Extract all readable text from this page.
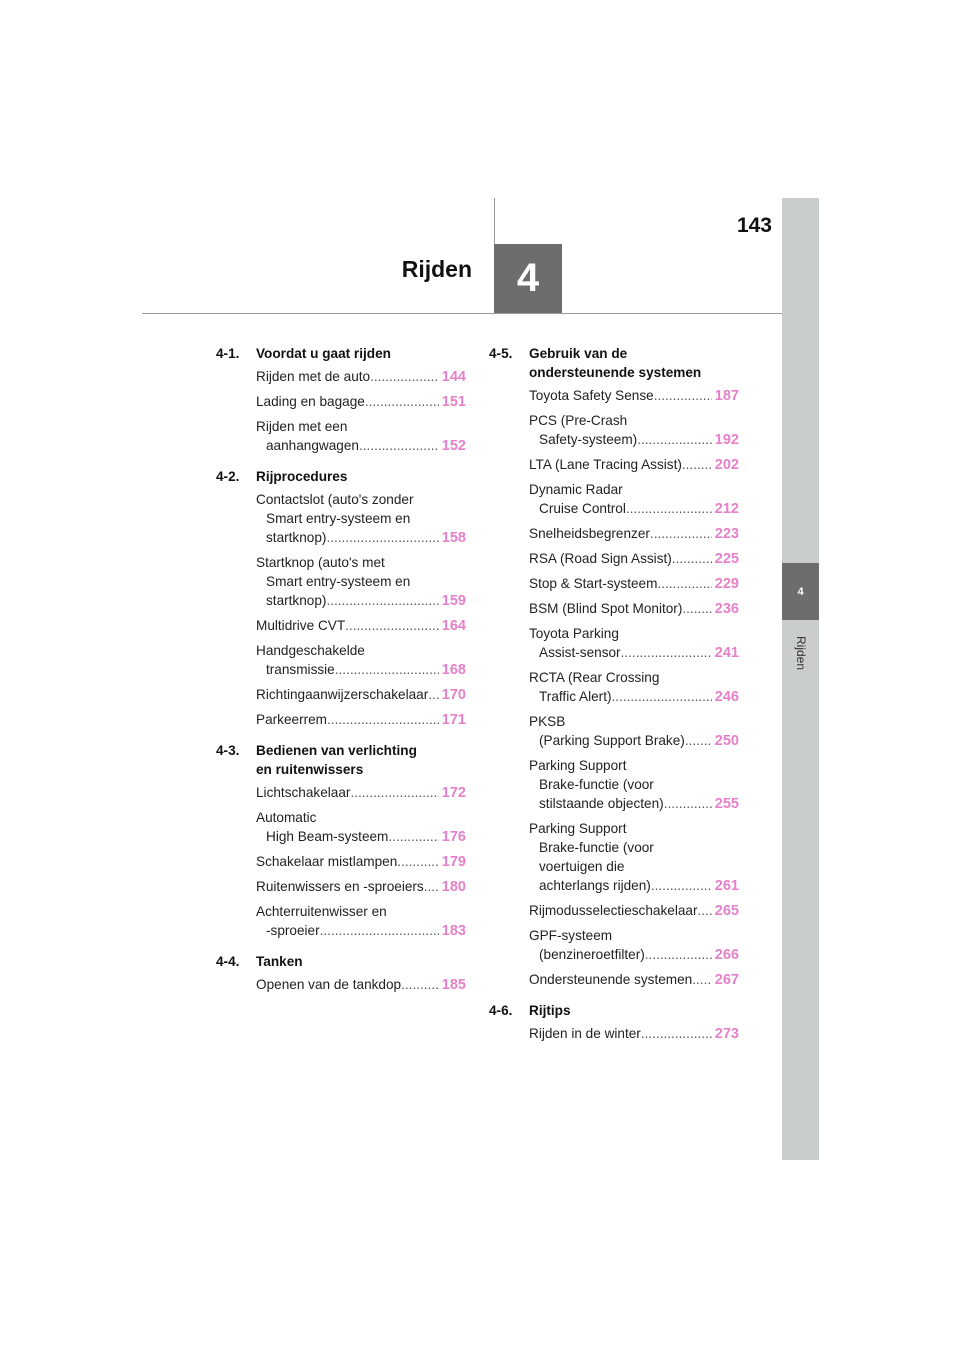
143
Rijden	4
4
Rijden
4-1. Voordat u gaat rijden
Rijden met de auto .....	144
Lading en bagage .....	151
Rijden met een
aanhangwagen .....	152
4-2. Rijprocedures
Contactslot (auto's zonder
Smart entry-systeem en
startknop) .....	158
Startknop (auto's met
Smart entry-systeem en
startknop) .....	159
Multidrive CVT .....	164
Handgeschakelde
transmissie .....	168
Richtingaanwijzerschakelaar ..... 170
Parkeerrem .....	171
4-3. Bedienen van verlichting
en ruitenwissers
Lichtschakelaar .....	172
Automatic
High Beam-systeem .....	176
Schakelaar mistlampen .....	179
Ruitenwissers en -sproeiers ..... 180
Achterruitenwisser en
-sproeier .....	183
4-4. Tanken
Openen van de tankdop .....	185
4-5. Gebruik van de
ondersteunende systemen
Toyota Safety Sense .....	187
PCS (Pre-Crash
Safety-systeem) .....	192
LTA (Lane Tracing Assist) ..... 202
Dynamic Radar
Cruise Control .....	212
Snelheidsbegrenzer .....	223
RSA (Road Sign Assist) .....	225
Stop & Start-systeem .....	229
BSM (Blind Spot Monitor) ..... 236
Toyota Parking
Assist-sensor .....	241
RCTA (Rear Crossing
Traffic Alert) .....	246
PKSB
(Parking Support Brake) ..... 250
Parking Support
Brake-functie (voor
stilstaande objecten) .....	255
Parking Support
Brake-functie (voor
voertuigen die
achterlangs rijden) .....	261
Rijmodusselectieschakelaar ..... 265
GPF-systeem
(benzineroetfilter) .....	266
Ondersteunende systemen ..... 267
4-6. Rijtips
Rijden in de winter .....	273
